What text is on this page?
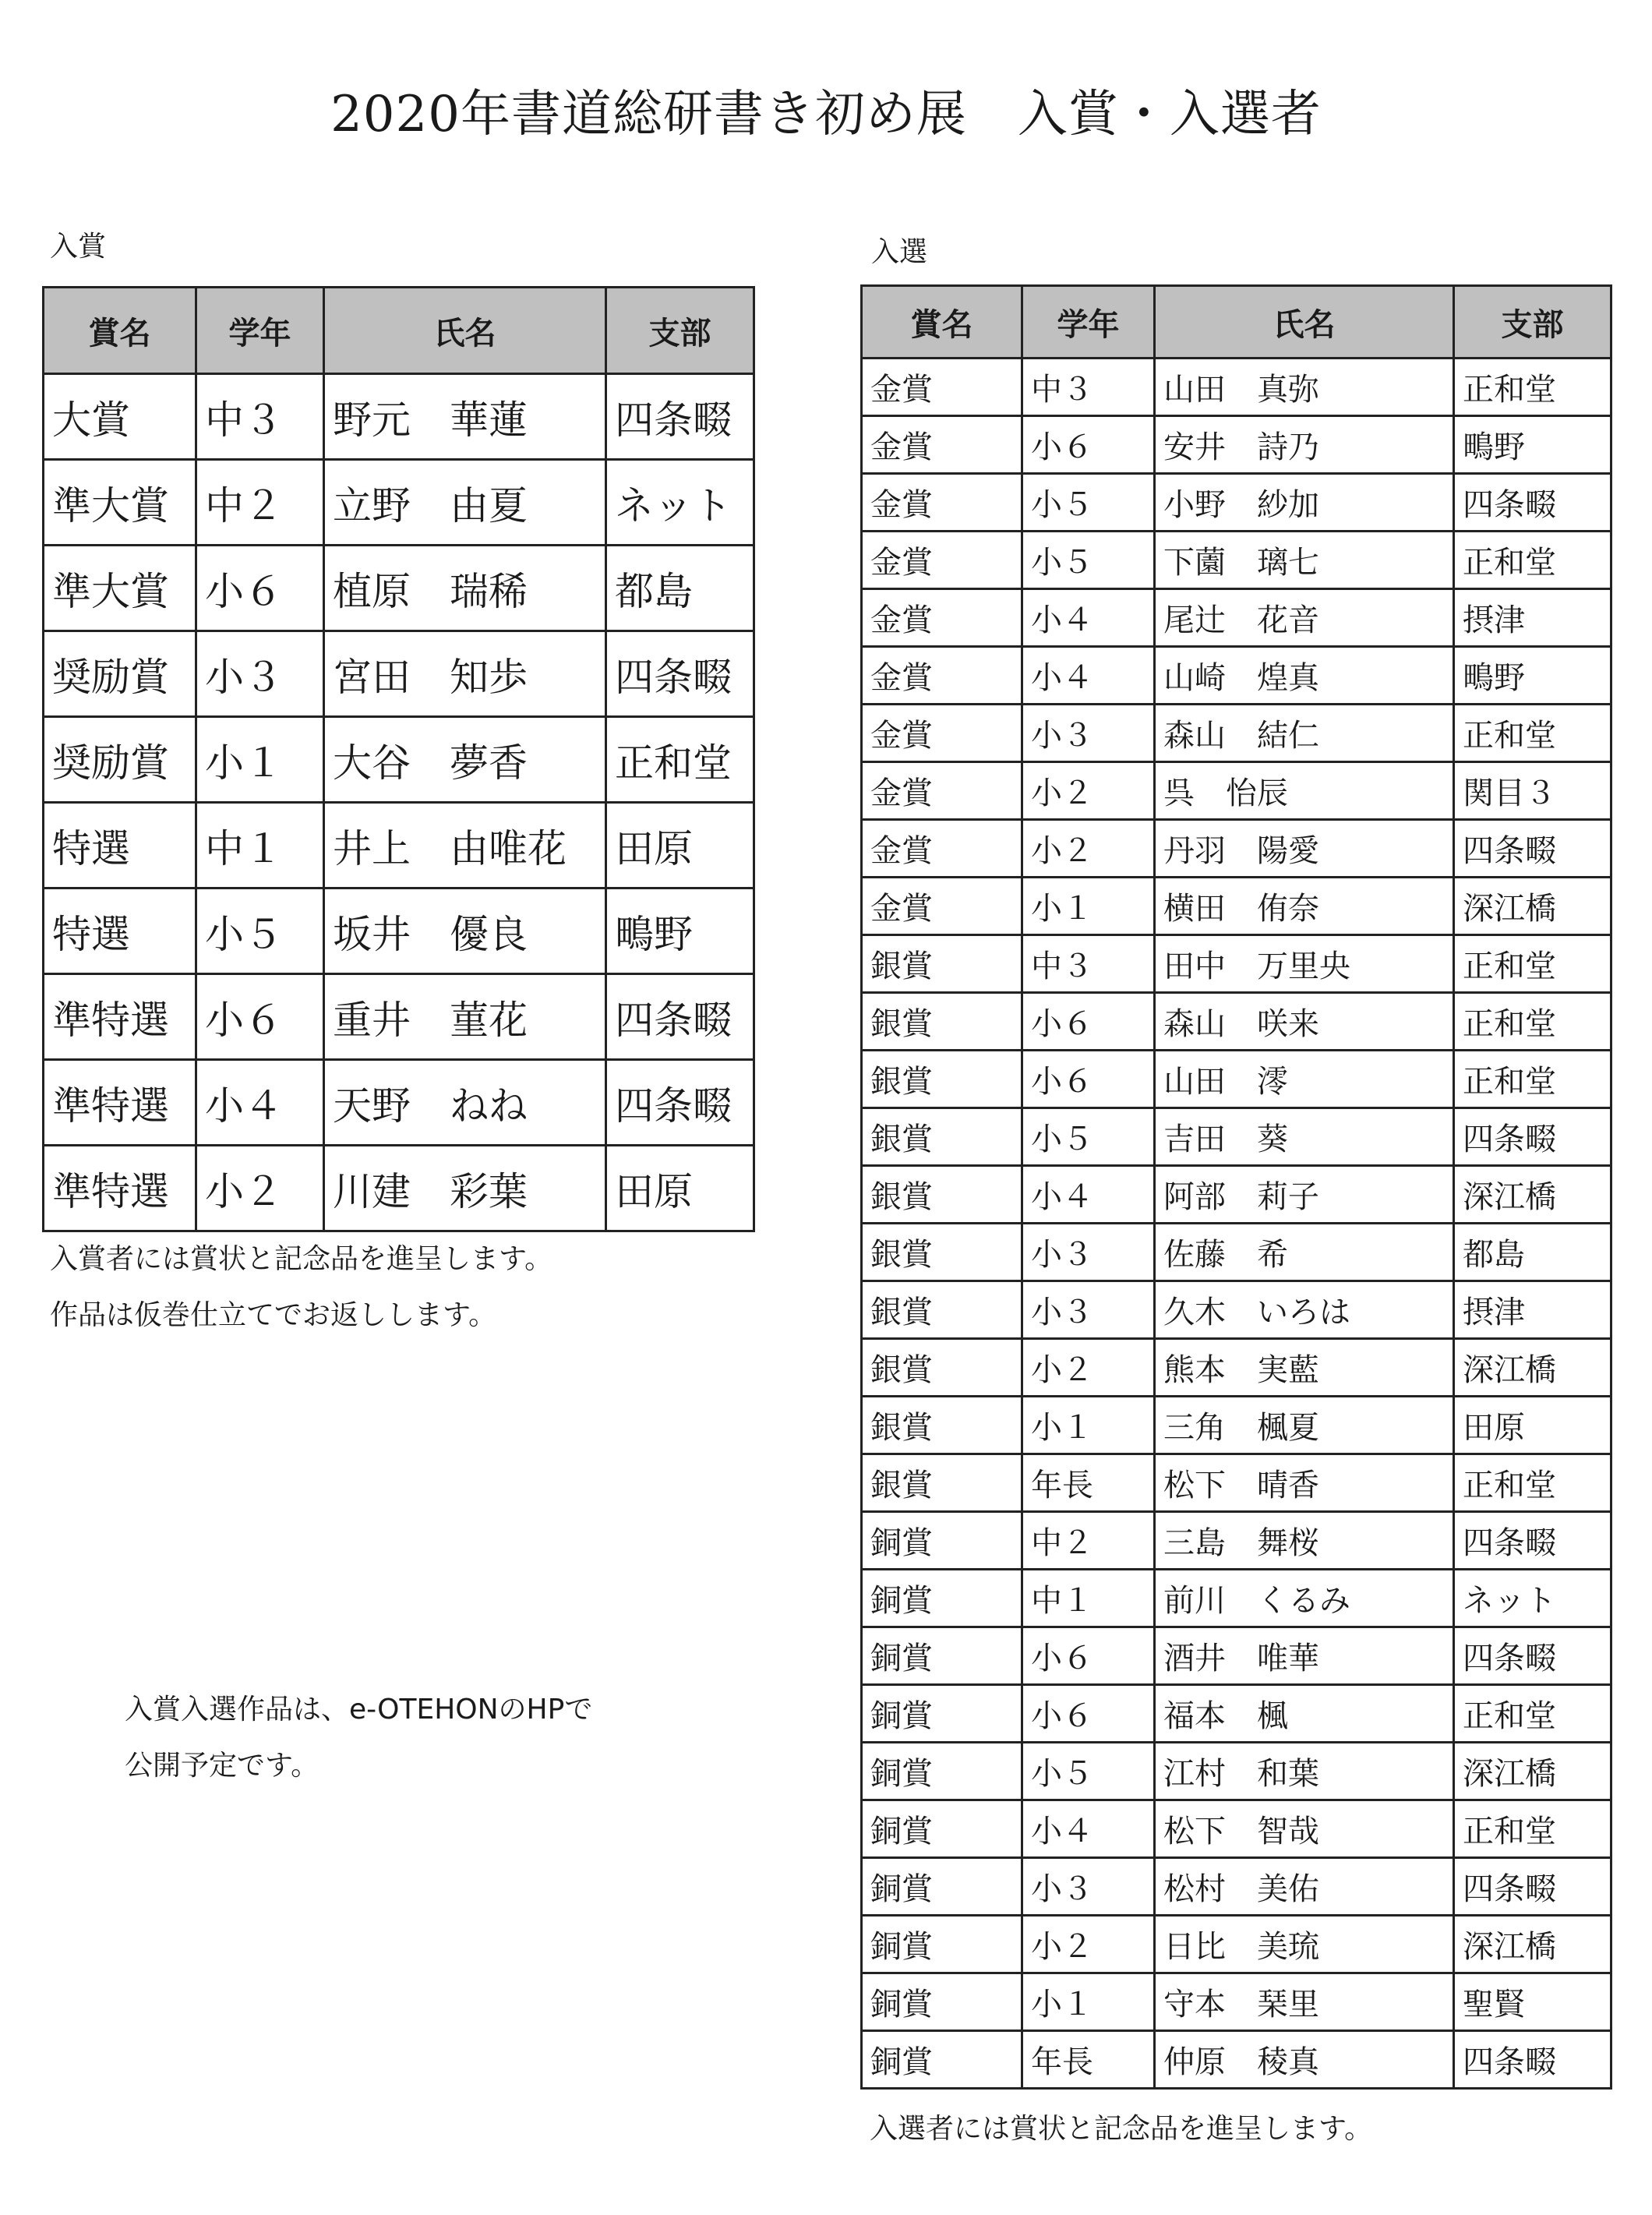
2020年書道総研書き初め展　入賞・入選者
入賞	入選
賞名	学年	氏名	支部
大賞	中３	野元　華蓮	四条畷
準大賞	中２	立野　由夏	ネット
準大賞	小６	植原　瑞稀	都島
奨励賞	小３	宮田　知歩	四条畷
奨励賞	小１	大谷　夢香	正和堂
特選	中１	井上　由唯花	田原
特選	小５	坂井　優良	鴫野
準特選	小６	重井　菫花	四条畷
準特選	小４	天野　ねね	四条畷
準特選	小２	川建　彩葉	田原
入賞者には賞状と記念品を進呈します。
作品は仮巻仕立てでお返しします。
入賞入選作品は、e-OTEHONのHPで
公開予定です。
賞名	学年	氏名	支部
金賞	中３	山田　真弥	正和堂
金賞	小６	安井　詩乃	鴫野
金賞	小５	小野　紗加	四条畷
金賞	小５	下薗　璃七	正和堂
金賞	小４	尾辻　花音	摂津
金賞	小４	山崎　煌真	鴫野
金賞	小３	森山　結仁	正和堂
金賞	小２	呉　怡辰	関目３
金賞	小２	丹羽　陽愛	四条畷
金賞	小１	横田　侑奈	深江橋
銀賞	中３	田中　万里央	正和堂
銀賞	小６	森山　咲来	正和堂
銀賞	小６	山田　澪	正和堂
銀賞	小５	吉田　葵	四条畷
銀賞	小４	阿部　莉子	深江橋
銀賞	小３	佐藤　希	都島
銀賞	小３	久木　いろは	摂津
銀賞	小２	熊本　実藍	深江橋
銀賞	小１	三角　楓夏	田原
銀賞	年長	松下　晴香	正和堂
銅賞	中２	三島　舞桜	四条畷
銅賞	中１	前川　くるみ	ネット
銅賞	小６	酒井　唯華	四条畷
銅賞	小６	福本　楓	正和堂
銅賞	小５	江村　和葉	深江橋
銅賞	小４	松下　智哉	正和堂
銅賞	小３	松村　美佑	四条畷
銅賞	小２	日比　美琉	深江橋
銅賞	小１	守本　琹里	聖賢
銅賞	年長	仲原　稜真	四条畷
入選者には賞状と記念品を進呈します。
